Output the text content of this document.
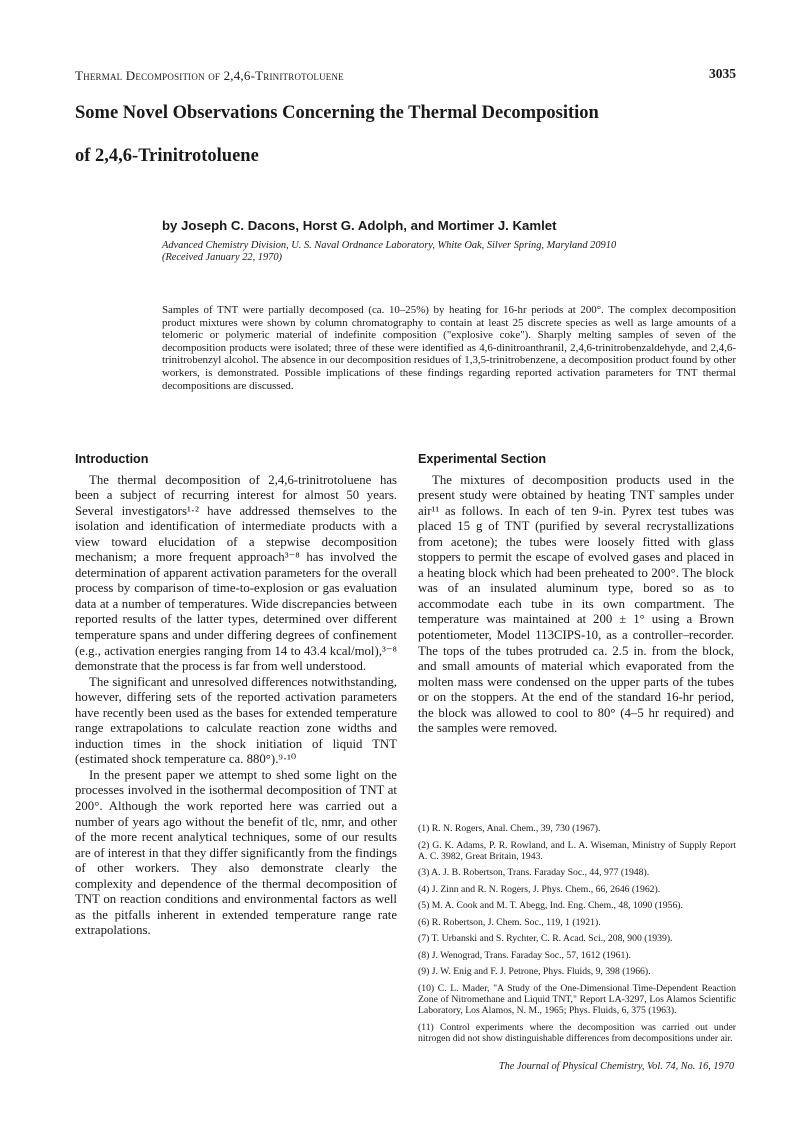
Thermal Decomposition of 2,4,6-Trinitrotoluene	3035
Some Novel Observations Concerning the Thermal Decomposition
of 2,4,6-Trinitrotoluene
by Joseph C. Dacons, Horst G. Adolph, and Mortimer J. Kamlet
Advanced Chemistry Division, U. S. Naval Ordnance Laboratory, White Oak, Silver Spring, Maryland 20910
(Received January 22, 1970)
Samples of TNT were partially decomposed (ca. 10–25%) by heating for 16-hr periods at 200°. The complex decomposition product mixtures were shown by column chromatography to contain at least 25 discrete species as well as large amounts of a telomeric or polymeric material of indefinite composition ("explosive coke"). Sharply melting samples of seven of the decomposition products were isolated; three of these were identified as 4,6-dinitroanthranil, 2,4,6-trinitrobenzaldehyde, and 2,4,6-trinitrobenzyl alcohol. The absence in our decomposition residues of 1,3,5-trinitrobenzene, a decomposition product found by other workers, is demonstrated. Possible implications of these findings regarding reported activation parameters for TNT thermal decompositions are discussed.
Introduction

The thermal decomposition of 2,4,6-trinitrotoluene has been a subject of recurring interest for almost 50 years. Several investigators¹·² have addressed themselves to the isolation and identification of intermediate products with a view toward elucidation of a stepwise decomposition mechanism; a more frequent approach³⁻⁸ has involved the determination of apparent activation parameters for the overall process by comparison of time-to-explosion or gas evaluation data at a number of temperatures. Wide discrepancies between reported results of the latter types, determined over different temperature spans and under differing degrees of confinement (e.g., activation energies ranging from 14 to 43.4 kcal/mol),³⁻⁸ demonstrate that the process is far from well understood.

The significant and unresolved differences notwithstanding, however, differing sets of the reported activation parameters have recently been used as the bases for extended temperature range extrapolations to calculate reaction zone widths and induction times in the shock initiation of liquid TNT (estimated shock temperature ca. 880°).⁹·¹⁰

In the present paper we attempt to shed some light on the processes involved in the isothermal decomposition of TNT at 200°. Although the work reported here was carried out a number of years ago without the benefit of tlc, nmr, and other of the more recent analytical techniques, some of our results are of interest in that they differ significantly from the findings of other workers. They also demonstrate clearly the complexity and dependence of the thermal decomposition of TNT on reaction conditions and environmental factors as well as the pitfalls inherent in extended temperature range rate extrapolations.

Experimental Section

The mixtures of decomposition products used in the present study were obtained by heating TNT samples under air¹¹ as follows. In each of ten 9-in. Pyrex test tubes was placed 15 g of TNT (purified by several recrystallizations from acetone); the tubes were loosely fitted with glass stoppers to permit the escape of evolved gases and placed in a heating block which had been preheated to 200°. The block was of an insulated aluminum type, bored so as to accommodate each tube in its own compartment. The temperature was maintained at 200 ± 1° using a Brown potentiometer, Model 113CIPS-10, as a controller–recorder. The tops of the tubes protruded ca. 2.5 in. from the block, and small amounts of material which evaporated from the molten mass were condensed on the upper parts of the tubes or on the stoppers. At the end of the standard 16-hr period, the block was allowed to cool to 80° (4–5 hr required) and the samples were removed.

(1) R. N. Rogers, Anal. Chem., 39, 730 (1967).
(2) G. K. Adams, P. R. Rowland, and L. A. Wiseman, Ministry of Supply Report A. C. 3982, Great Britain, 1943.
(3) A. J. B. Robertson, Trans. Faraday Soc., 44, 977 (1948).
(4) J. Zinn and R. N. Rogers, J. Phys. Chem., 66, 2646 (1962).
(5) M. A. Cook and M. T. Abegg, Ind. Eng. Chem., 48, 1090 (1956).
(6) R. Robertson, J. Chem. Soc., 119, 1 (1921).
(7) T. Urbanski and S. Rychter, C. R. Acad. Sci., 208, 900 (1939).
(8) J. Wenograd, Trans. Faraday Soc., 57, 1612 (1961).
(9) J. W. Enig and F. J. Petrone, Phys. Fluids, 9, 398 (1966).
(10) C. L. Mader, "A Study of the One-Dimensional Time-Dependent Reaction Zone of Nitromethane and Liquid TNT," Report LA-3297, Los Alamos Scientific Laboratory, Los Alamos, N. M., 1965; Phys. Fluids, 6, 375 (1963).
(11) Control experiments where the decomposition was carried out under nitrogen did not show distinguishable differences from decompositions under air.
The Journal of Physical Chemistry, Vol. 74, No. 16, 1970
